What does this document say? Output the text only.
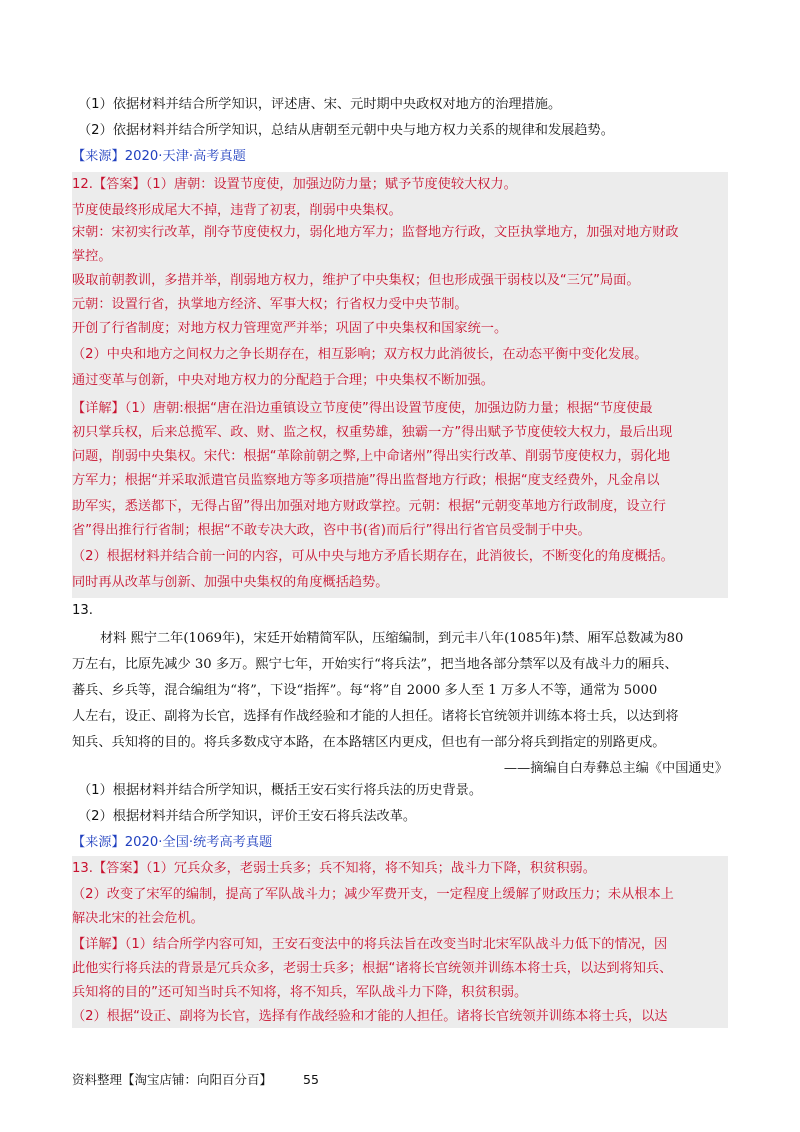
（1）依据材料并结合所学知识，评述唐、宋、元时期中央政权对地方的治理措施。
（2）依据材料并结合所学知识，总结从唐朝至元朝中央与地方权力关系的规律和发展趋势。
【来源】2020·天津·高考真题
12.【答案】（1）唐朝：设置节度使，加强边防力量；赋予节度使较大权力。
节度使最终形成尾大不掉，违背了初衷，削弱中央集权。
宋朝：宋初实行改革，削夺节度使权力，弱化地方军力；监督地方行政，文臣执掌地方，加强对地方财政
掌控。
吸取前朝教训，多措并举，削弱地方权力，维护了中央集权；但也形成强干弱枝以及“三冗”局面。
元朝：设置行省，执掌地方经济、军事大权；行省权力受中央节制。
开创了行省制度；对地方权力管理宽严并举；巩固了中央集权和国家统一。
（2）中央和地方之间权力之争长期存在，相互影响；双方权力此消彼长，在动态平衡中变化发展。
通过变革与创新，中央对地方权力的分配趋于合理；中央集权不断加强。
【详解】（1）唐朝:根据“唐在沿边重镇设立节度使”得出设置节度使，加强边防力量；根据“节度使最
初只掌兵权，后来总揽军、政、财、监之权，权重势雄，独霸一方”得出赋予节度使较大权力，最后出现
问题，削弱中央集权。宋代：根据“革除前朝之弊,上中命诸州”得出实行改革、削弱节度使权力，弱化地
方军力；根据“并采取派遣官员监察地方等多项措施”得出监督地方行政；根据“度支经费外，凡金帛以
助军实，悉送都下，无得占留”得出加强对地方财政掌控。元朝：根据“元朝变革地方行政制度，设立行
省”得出推行行省制；根据“不敢专决大政，咨中书(省)而后行”得出行省官员受制于中央。
（2）根据材料并结合前一问的内容，可从中央与地方矛盾长期存在，此消彼长，不断变化的角度概括。
同时再从改革与创新、加强中央集权的角度概括趋势。
13.
材料 熙宁二年(1069年)，宋廷开始精简军队，压缩编制，到元丰八年(1085年)禁、厢军总数减为80
万左右，比原先减少 30 多万。熙宁七年，开始实行“将兵法”，把当地各部分禁军以及有战斗力的厢兵、
蕃兵、乡兵等，混合编组为“将”，下设“指挥”。每“将”自 2000 多人至 1 万多人不等，通常为 5000
人左右，设正、副将为长官，选择有作战经验和才能的人担任。诸将长官统领并训练本将士兵，以达到将
知兵、兵知将的目的。将兵多数戍守本路，在本路辖区内更戍，但也有一部分将兵到指定的别路更戍。
——摘编自白寿彝总主编《中国通史》
（1）根据材料并结合所学知识，概括王安石实行将兵法的历史背景。
（2）根据材料并结合所学知识，评价王安石将兵法改革。
【来源】2020·全国·统考高考真题
13.【答案】（1）冗兵众多，老弱士兵多；兵不知将，将不知兵；战斗力下降，积贫积弱。
（2）改变了宋军的编制，提高了军队战斗力；减少军费开支，一定程度上缓解了财政压力；未从根本上
解决北宋的社会危机。
【详解】（1）结合所学内容可知，王安石变法中的将兵法旨在改变当时北宋军队战斗力低下的情况，因
此他实行将兵法的背景是冗兵众多，老弱士兵多；根据“诸将长官统领并训练本将士兵，以达到将知兵、
兵知将的目的”还可知当时兵不知将，将不知兵，军队战斗力下降，积贫积弱。
（2）根据“设正、副将为长官，选择有作战经验和才能的人担任。诸将长官统领并训练本将士兵，以达
资料整理【淘宝店铺：向阳百分百】 55
